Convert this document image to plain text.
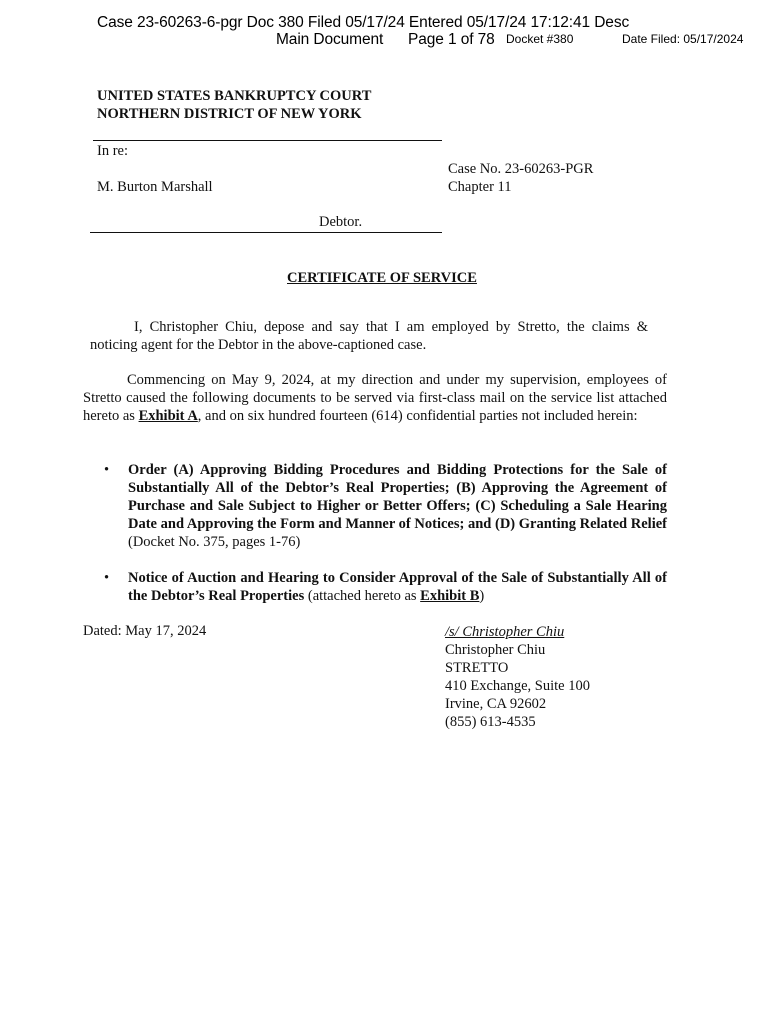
Case 23-60263-6-pgr Doc 380 Filed 05/17/24 Entered 05/17/24 17:12:41 Desc
Main Document Page 1 of 78 Docket #380	Date Filed: 05/17/2024
UNITED STATES BANKRUPTCY COURT
NORTHERN DISTRICT OF NEW YORK
In re:
M. Burton Marshall
Debtor.
Case No. 23-60263-PGR
Chapter 11
CERTIFICATE OF SERVICE
I, Christopher Chiu, depose and say that I am employed by Stretto, the claims & noticing agent for the Debtor in the above-captioned case.
Commencing on May 9, 2024, at my direction and under my supervision, employees of Stretto caused the following documents to be served via first-class mail on the service list attached hereto as Exhibit A, and on six hundred fourteen (614) confidential parties not included herein:
• Order (A) Approving Bidding Procedures and Bidding Protections for the Sale of Substantially All of the Debtor’s Real Properties; (B) Approving the Agreement of Purchase and Sale Subject to Higher or Better Offers; (C) Scheduling a Sale Hearing Date and Approving the Form and Manner of Notices; and (D) Granting Related Relief (Docket No. 375, pages 1-76)
• Notice of Auction and Hearing to Consider Approval of the Sale of Substantially All of the Debtor’s Real Properties (attached hereto as Exhibit B)
Dated: May 17, 2024	/s/ Christopher Chiu
Christopher Chiu
STRETTO
410 Exchange, Suite 100
Irvine, CA 92602
(855) 613-4535
